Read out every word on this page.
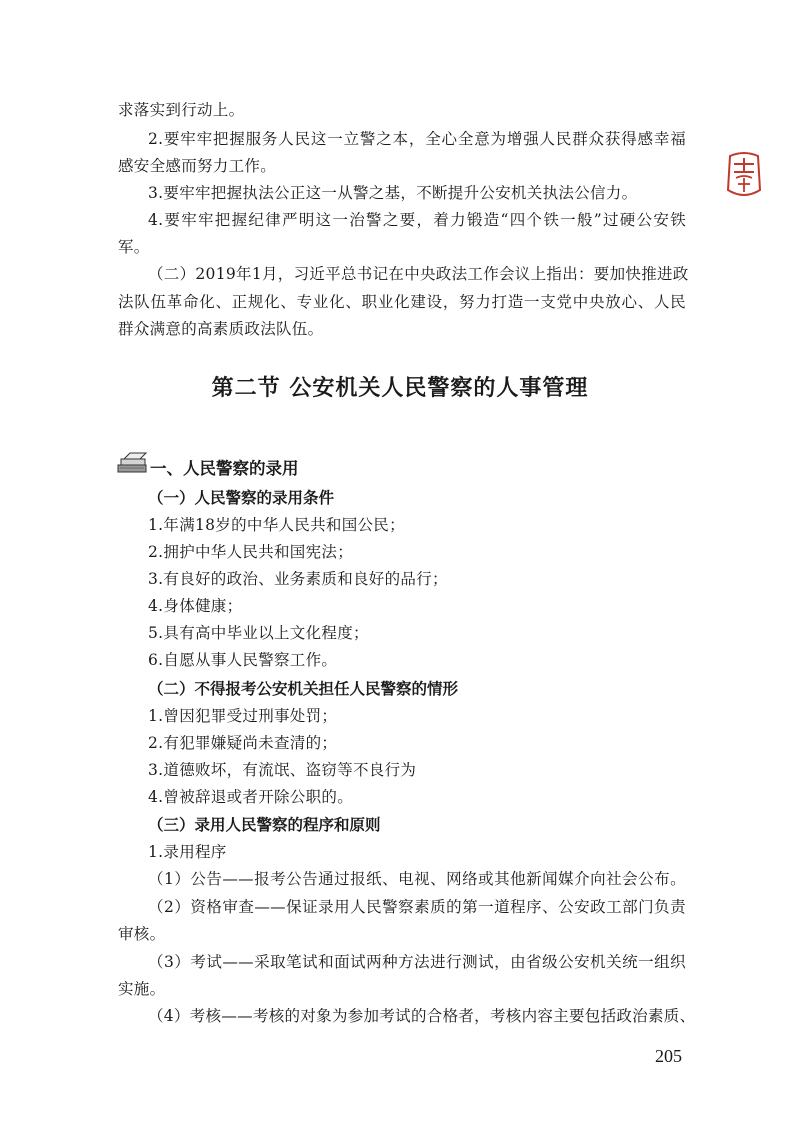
求落实到行动上。
2.要牢牢把握服务人民这一立警之本，全心全意为增强人民群众获得感幸福
感安全感而努力工作。
3.要牢牢把握执法公正这一从警之基，不断提升公安机关执法公信力。
4.要牢牢把握纪律严明这一治警之要，着力锻造“四个铁一般”过硬公安铁
军。
（二）2019年1月，习近平总书记在中央政法工作会议上指出：要加快推进政
法队伍革命化、正规化、专业化、职业化建设，努力打造一支党中央放心、人民
群众满意的高素质政法队伍。
第二节 公安机关人民警察的人事管理
一、人民警察的录用
（一）人民警察的录用条件
1.年满18岁的中华人民共和国公民；
2.拥护中华人民共和国宪法；
3.有良好的政治、业务素质和良好的品行；
4.身体健康；
5.具有高中毕业以上文化程度；
6.自愿从事人民警察工作。
（二）不得报考公安机关担任人民警察的情形
1.曾因犯罪受过刑事处罚；
2.有犯罪嫌疑尚未查清的；
3.道德败坏，有流氓、盗窃等不良行为
4.曾被辞退或者开除公职的。
（三）录用人民警察的程序和原则
1.录用程序
（1）公告——报考公告通过报纸、电视、网络或其他新闻媒介向社会公布。
（2）资格审查——保证录用人民警察素质的第一道程序、公安政工部门负责
审核。
（3）考试——采取笔试和面试两种方法进行测试，由省级公安机关统一组织
实施。
（4）考核——考核的对象为参加考试的合格者，考核内容主要包括政治素质、
205
